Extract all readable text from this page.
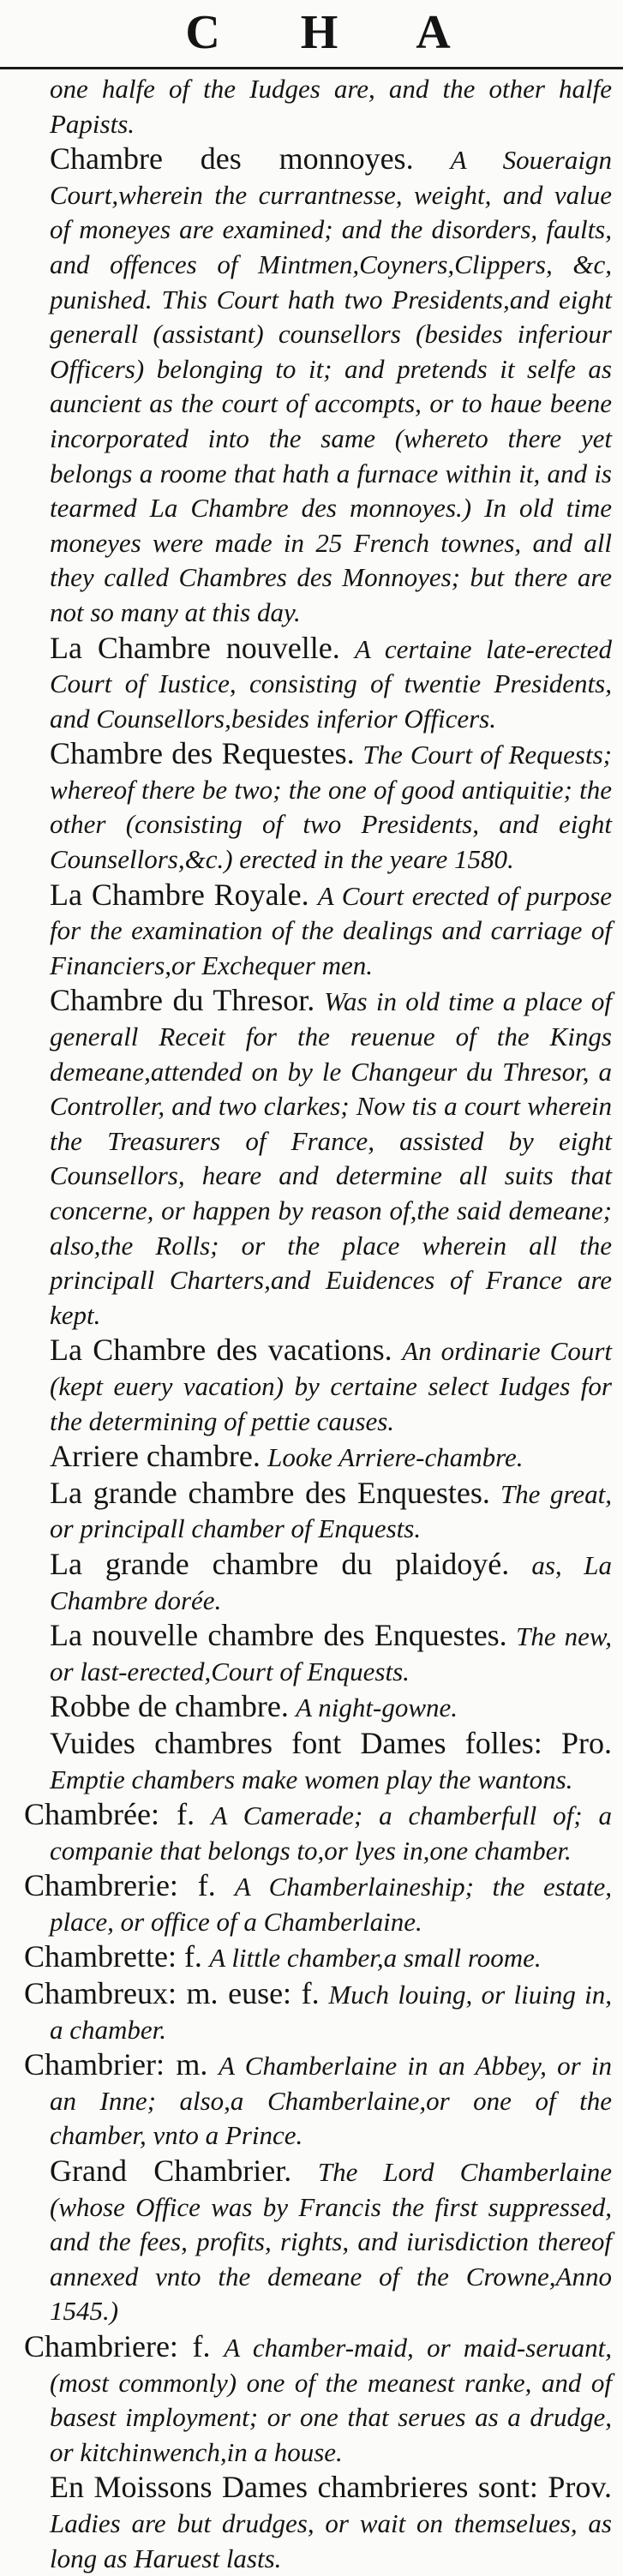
C H A

one halfe of the Iudges are, and the other halfe Papists.

Chambre des monnoyes. A Soueraign Court,wherein the currantnesse, weight, and value of moneyes are examined; and the disorders, faults, and offences of Mintmen,Coyners,Clippers, &c, punished. This Court hath two Presidents,and eight generall (assistant) counsellors (besides inferiour Officers) belonging to it; and pretends it selfe as auncient as the court of accompts, or to haue beene incorporated into the same (whereto there yet belongs a roome that hath a furnace within it, and is tearmed La Chambre des monnoyes.) In old time moneyes were made in 25 French townes, and all they called Chambres des Monnoyes; but there are not so many at this day.

La Chambre nouvelle. A certaine late-erected Court of Iustice, consisting of twentie Presidents, and Counsellors,besides inferior Officers.

Chambre des Requestes. The Court of Requests; whereof there be two; the one of good antiquitie; the other (consisting of two Presidents, and eight Counsellors,&c.) erected in the yeare 1580.

La Chambre Royale. A Court erected of purpose for the examination of the dealings and carriage of Financiers,or Exchequer men.

Chambre du Thresor. Was in old time a place of generall Receit for the reuenue of the Kings demeane,attended on by le Changeur du Thresor, a Controller, and two clarkes; Now tis a court wherein the Treasurers of France, assisted by eight Counsellors, heare and determine all suits that concerne, or happen by reason of,the said demeane; also,the Rolls; or the place wherein all the principall Charters,and Euidences of France are kept.

La Chambre des vacations. An ordinarie Court (kept euery vacation) by certaine select Iudges for the determining of pettie causes.

Arriere chambre. Looke Arriere-chambre.

La grande chambre des Enquestes. The great, or principall chamber of Enquests.

La grande chambre du plaidoyé. as, La Chambre dorée.

La nouvelle chambre des Enquestes. The new, or last-erected,Court of Enquests.

Robbe de chambre. A night-gowne.

Vuides chambres font Dames folles: Pro. Emptie chambers make women play the wantons.

Chambrée: f. A Camerade; a chamberfull of; a companie that belongs to,or lyes in,one chamber.

Chambrerie: f. A Chamberlaineship; the estate, place, or office of a Chamberlaine.

Chambrette: f. A little chamber,a small roome.

Chambreux: m. euse: f. Much louing, or liuing in, a chamber.

Chambrier: m. A Chamberlaine in an Abbey, or in an Inne; also,a Chamberlaine,or one of the chamber, vnto a Prince.

Grand Chambrier. The Lord Chamberlaine (whose Office was by Francis the first suppressed, and the fees, profits, rights, and iurisdiction thereof annexed vnto the demeane of the Crowne,Anno 1545.)

Chambriere: f. A chamber-maid, or maid-seruant, (most commonly) one of the meanest ranke, and of basest imployment; or one that serues as a drudge, or kitchinwench,in a house.

En Moissons Dames chambrieres sont: Prov. Ladies are but drudges, or wait on themselues, as long as Haruest lasts.
